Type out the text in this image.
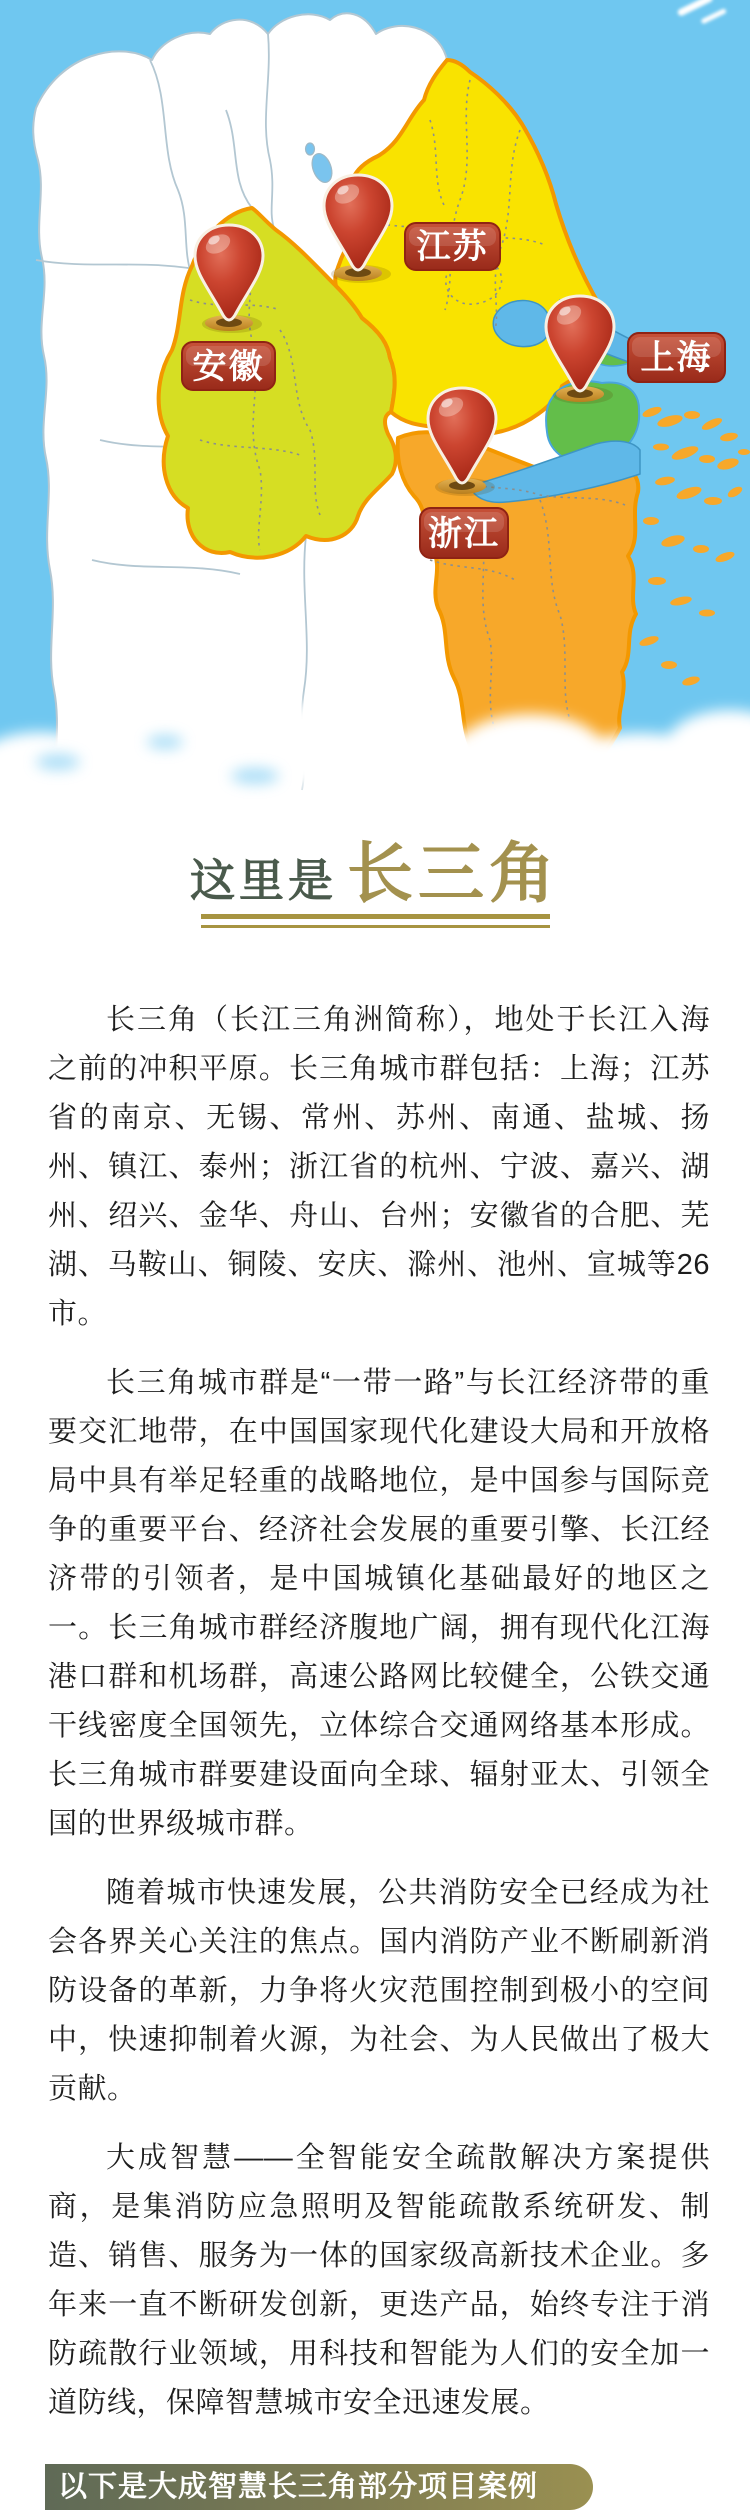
安徽
江苏
上海
浙江
这里是 长三角

长三角（长江三角洲简称），地处于长江入海之前的冲积平原。长三角城市群包括：上海；江苏省的南京、无锡、常州、苏州、南通、盐城、扬州、镇江、泰州；浙江省的杭州、宁波、嘉兴、湖州、绍兴、金华、舟山、台州；安徽省的合肥、芜湖、马鞍山、铜陵、安庆、滁州、池州、宣城等26市。

长三角城市群是“一带一路”与长江经济带的重要交汇地带，在中国国家现代化建设大局和开放格局中具有举足轻重的战略地位，是中国参与国际竞争的重要平台、经济社会发展的重要引擎、长江经济带的引领者，是中国城镇化基础最好的地区之一。长三角城市群经济腹地广阔，拥有现代化江海港口群和机场群，高速公路网比较健全，公铁交通干线密度全国领先，立体综合交通网络基本形成。长三角城市群要建设面向全球、辐射亚太、引领全国的世界级城市群。

随着城市快速发展，公共消防安全已经成为社会各界关心关注的焦点。国内消防产业不断刷新消防设备的革新，力争将火灾范围控制到极小的空间中，快速抑制着火源，为社会、为人民做出了极大贡献。

大成智慧——全智能安全疏散解决方案提供商，是集消防应急照明及智能疏散系统研发、制造、销售、服务为一体的国家级高新技术企业。多年来一直不断研发创新，更迭产品，始终专注于消防疏散行业领域，用科技和智能为人们的安全加一道防线，保障智慧城市安全迅速发展。

以下是大成智慧长三角部分项目案例
